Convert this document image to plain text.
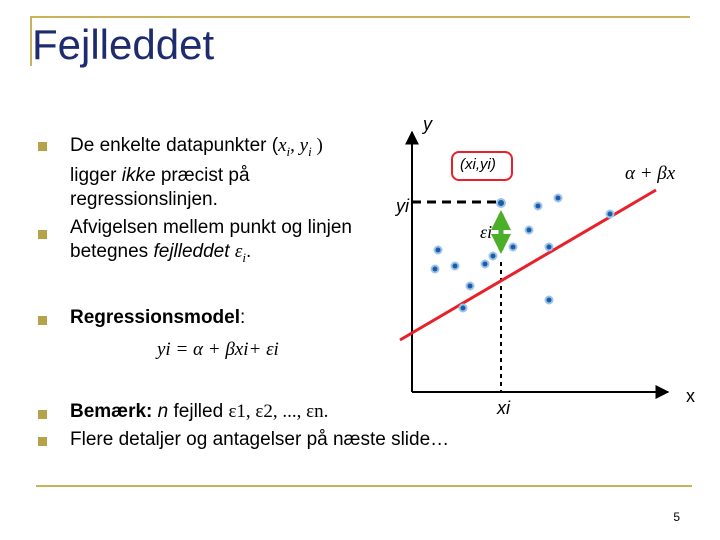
Fejlleddet
De enkelte datapunkter ($x_i$, $y_i$ )
ligger ikke præcist på
regressionslinjen.
Afvigelsen mellem punkt og linjen
betegnes fejlleddet $\varepsilon_i$.
Regressionsmodel:
yi = α + βxi+ εi
Bemærk: n fejlled ε1, ε2, ..., εn.
Flere detaljer og antagelser på næste slide…
y
x
yi
xi
(xi,yi)
εi
α + βx
5
